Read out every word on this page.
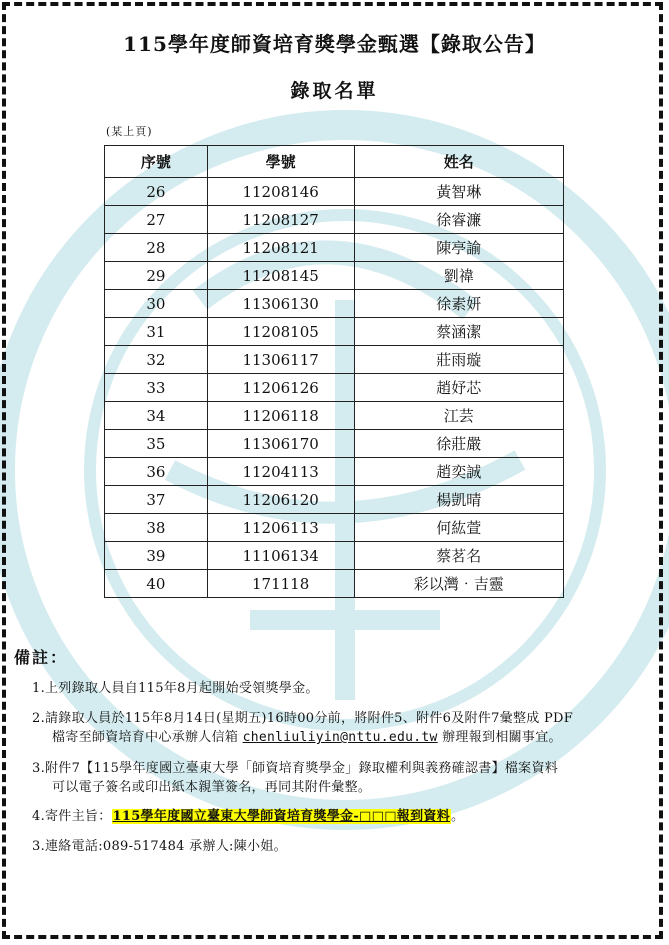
115學年度師資培育獎學金甄選【錄取公告】
錄取名單
(某上頁)
序號	學號	姓名
26	11208146	黃智琳
27	11208127	徐睿濂
28	11208121	陳亭諭
29	11208145	劉禕
30	11306130	徐素妍
31	11208105	蔡涵潔
32	11306117	莊雨璇
33	11206126	趙妤芯
34	11206118	江芸
35	11306170	徐莊嚴
36	11204113	趙奕誠
37	11206120	楊凱晴
38	11206113	何紘萱
39	11106134	蔡茗名
40	171118	彩以灣‧吉靈
備註：
1.上列錄取人員自115年8月起開始受領獎學金。
2.請錄取人員於115年8月14日(星期五)16時00分前，將附件5、附件6及附件7彙整成 PDF
檔寄至師資培育中心承辦人信箱 chenliuliyin@nttu.edu.tw 辦理報到相關事宜。
3.附件7【115學年度國立臺東大學「師資培育獎學金」錄取權利與義務確認書】檔案資料
可以電子簽名或印出紙本親筆簽名，再同其附件彙整。
4.寄件主旨：115學年度國立臺東大學師資培育獎學金-□□□報到資料。
3.連絡電話:089-517484 承辦人:陳小姐。
